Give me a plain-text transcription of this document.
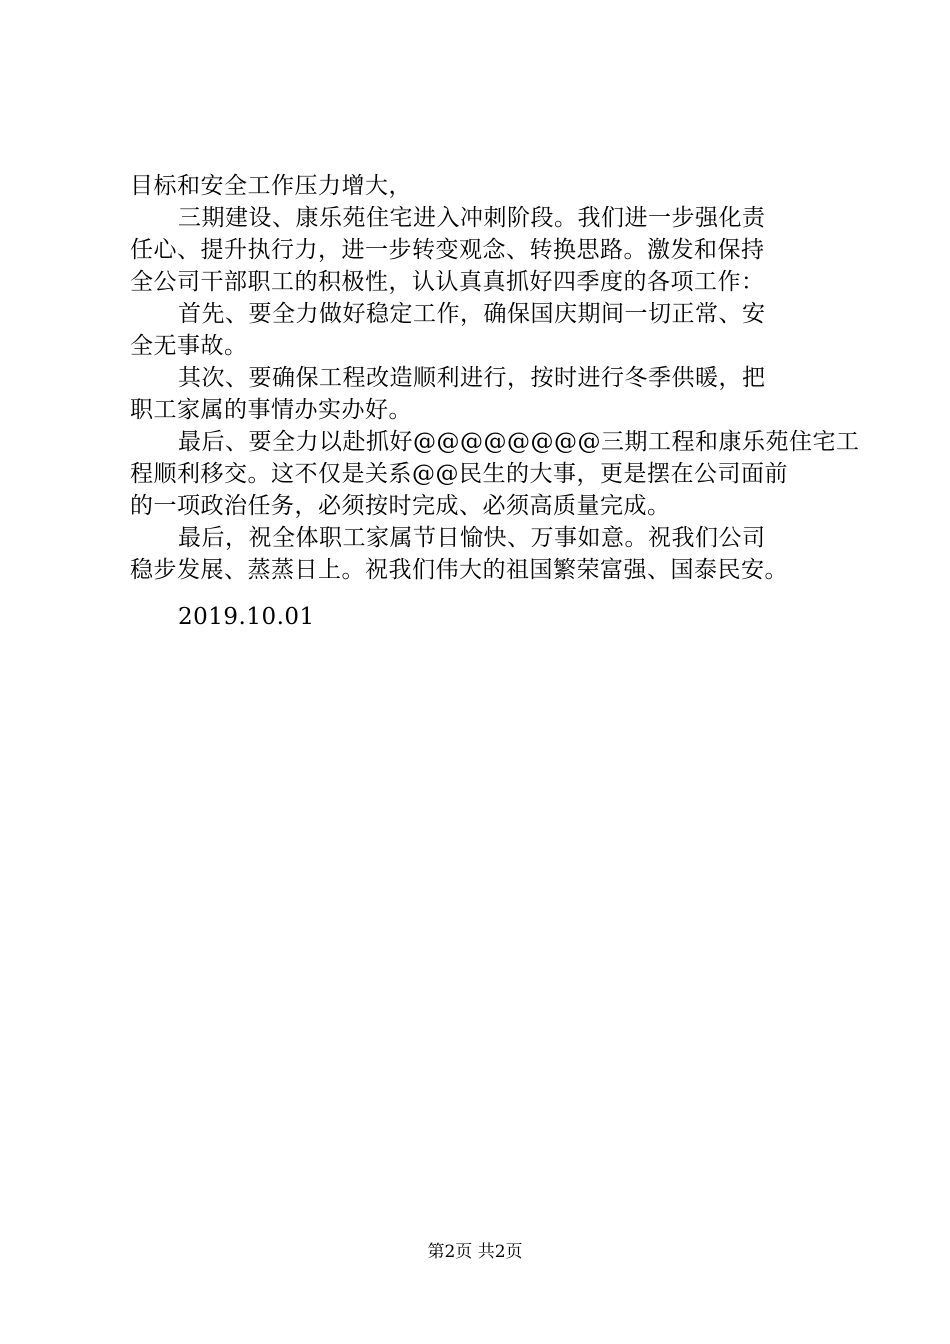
目标和安全工作压力增大，
三期建设、康乐苑住宅进入冲刺阶段。我们进一步强化责
任心、提升执行力，进一步转变观念、转换思路。激发和保持
全公司干部职工的积极性，认认真真抓好四季度的各项工作：
首先、要全力做好稳定工作，确保国庆期间一切正常、安
全无事故。
其次、要确保工程改造顺利进行，按时进行冬季供暖，把
职工家属的事情办实办好。
最后、要全力以赴抓好@@@@@@@@三期工程和康乐苑住宅工
程顺利移交。这不仅是关系@@民生的大事，更是摆在公司面前
的一项政治任务，必须按时完成、必须高质量完成。
最后，祝全体职工家属节日愉快、万事如意。祝我们公司
稳步发展、蒸蒸日上。祝我们伟大的祖国繁荣富强、国泰民安。
2019.10.01
第2页 共2页
